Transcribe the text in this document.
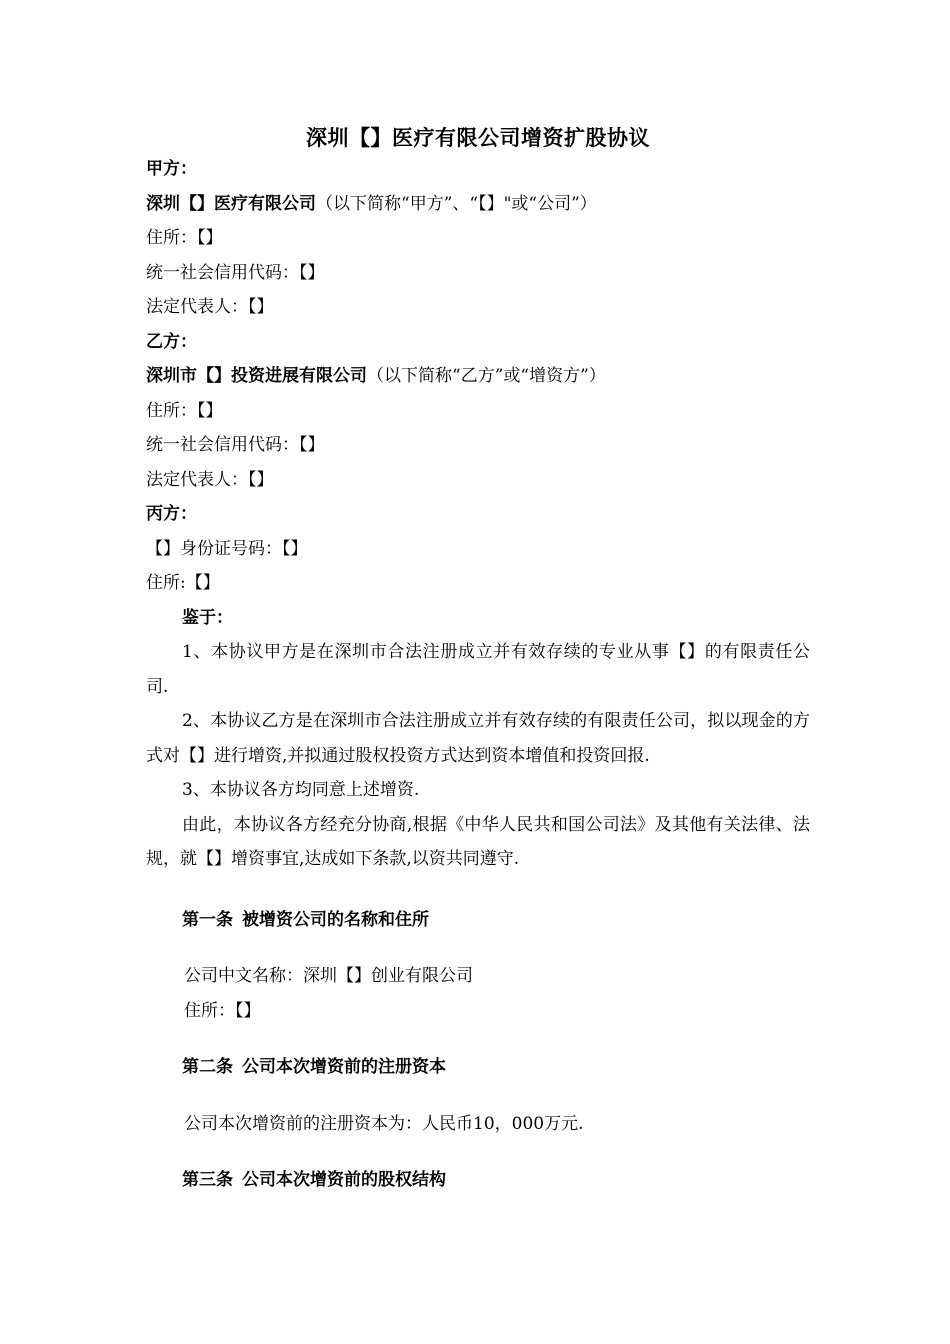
深圳【】医疗有限公司增资扩股协议
甲方：
深圳【】医疗有限公司（以下简称“甲方”、“【】"或“公司”）
住所：【】
统一社会信用代码：【】
法定代表人：【】
乙方：
深圳市【】投资进展有限公司（以下简称“乙方”或“增资方”）
住所：【】
统一社会信用代码：【】
法定代表人：【】
丙方：
【】身份证号码：【】
住所:【】
鉴于：

1、本协议甲方是在深圳市合法注册成立并有效存续的专业从事【】的有限责任公司.

2、本协议乙方是在深圳市合法注册成立并有效存续的有限责任公司，拟以现金的方式对【】进行增资,并拟通过股权投资方式达到资本增值和投资回报.

3、本协议各方均同意上述增资.

由此，本协议各方经充分协商,根据《中华人民共和国公司法》及其他有关法律、法规，就【】增资事宜,达成如下条款,以资共同遵守.

第一条 被增资公司的名称和住所
公司中文名称：深圳【】创业有限公司
住所：【】
第二条 公司本次增资前的注册资本
公司本次增资前的注册资本为：人民币10，000万元.
第三条 公司本次增资前的股权结构
